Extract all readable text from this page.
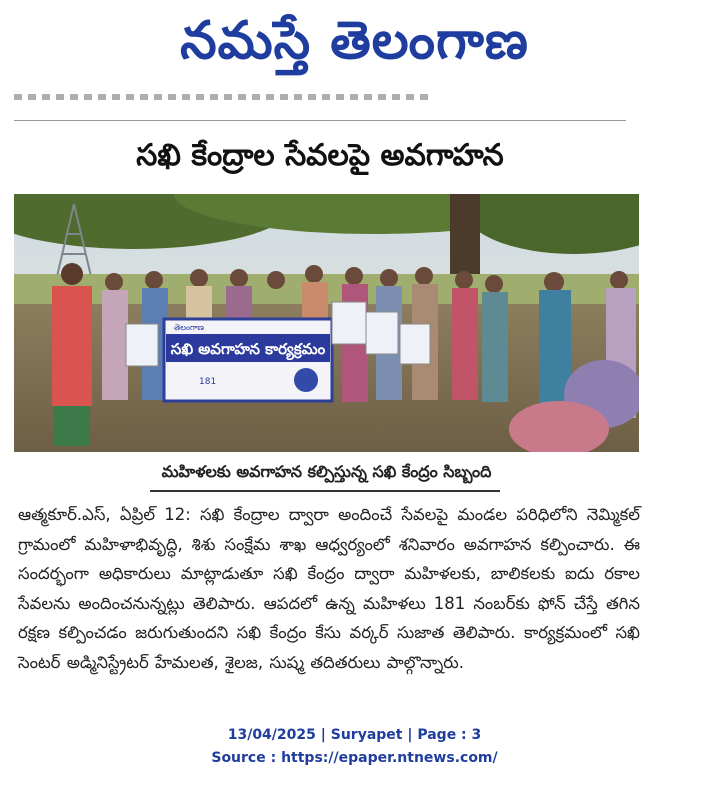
నమస్తే తెలంగాణ
సఖి కేంద్రాల సేవలపై అవగాహన
సఖి అవగాహన కార్యక్రమం
తెలంగాణ
181
మహిళలకు అవగాహన కల్పిస్తున్న సఖి కేంద్రం సిబ్బంది
ఆత్మకూర్.ఎస్, ఏప్రిల్ 12: సఖి కేంద్రాల ద్వారా అందించే సేవలపై మండల పరిధిలోని నెమ్మికల్ గ్రామంలో మహిళాభివృద్ధి, శిశు సంక్షేమ శాఖ ఆధ్వర్యంలో శనివారం అవగాహన కల్పించారు. ఈ సందర్భంగా అధికారులు మాట్లాడుతూ సఖి కేంద్రం ద్వారా మహిళలకు, బాలికలకు ఐదు రకాల సేవలను అందించనున్నట్లు తెలిపారు. ఆపదలో ఉన్న మహిళలు 181 నంబర్‌కు ఫోన్ చేస్తే తగిన రక్షణ కల్పించడం జరుగుతుందని సఖి కేంద్రం కేసు వర్కర్ సుజాత తెలిపారు. కార్యక్రమంలో సఖి సెంటర్ అడ్మినిస్ట్రేటర్ హేమలత, శైలజ, సుష్మ తదితరులు పాల్గొన్నారు.
13/04/2025 | Suryapet | Page : 3
Source : https://epaper.ntnews.com/
